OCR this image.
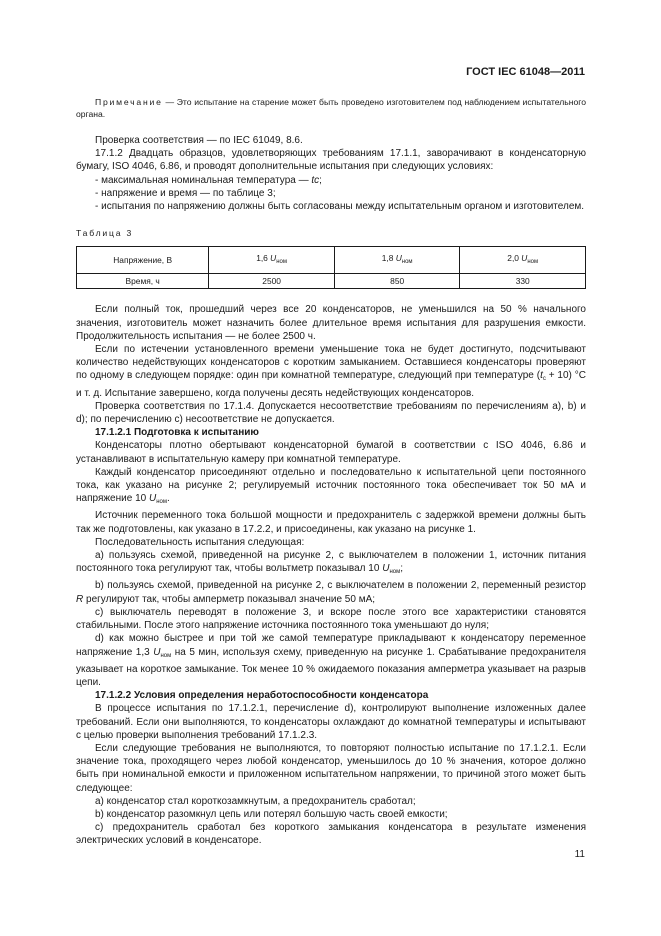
ГОСТ IEC 61048—2011

Примечание — Это испытание на старение может быть проведено изготовителем под наблюдением испытательного органа.

Проверка соответствия — по IEC 61049, 8.6.

17.1.2 Двадцать образцов, удовлетворяющих требованиям 17.1.1, заворачивают в конденсаторную бумагу, ISO 4046, 6.86, и проводят дополнительные испытания при следующих условиях:

- максимальная номинальная температура — tc;

- напряжение и время — по таблице 3;

- испытания по напряжению должны быть согласованы между испытательным органом и изготовителем.

Таблица 3
Напряжение, В	1,6 $U_{ном}$	1,8 $U_{ном}$	2,0 $U_{ном}$
Время, ч	2500	850	330

Если полный ток, прошедший через все 20 конденсаторов, не уменьшился на 50 % начального значения, изготовитель может назначить более длительное время испытания для разрушения емкости. Продолжительность испытания — не более 2500 ч.

Если по истечении установленного времени уменьшение тока не будет достигнуто, подсчитывают количество недействующих конденсаторов с коротким замыканием. Оставшиеся конденсаторы проверяют по одному в следующем порядке: один при комнатной температуре, следующий при температуре $(t_c + 10)$ °C и т. д. Испытание завершено, когда получены десять недействующих конденсаторов.

Проверка соответствия по 17.1.4. Допускается несоответствие требованиям по перечислениям а), b) и d); по перечислению с) несоответствие не допускается.

17.1.2.1 Подготовка к испытанию

Конденсаторы плотно обертывают конденсаторной бумагой в соответствии с ISO 4046, 6.86 и устанавливают в испытательную камеру при комнатной температуре.

Каждый конденсатор присоединяют отдельно и последовательно к испытательной цепи постоянного тока, как указано на рисунке 2; регулируемый источник постоянного тока обеспечивает ток 50 мА и напряжение 10 $U_{ном}$.

Источник переменного тока большой мощности и предохранитель с задержкой времени должны быть так же подготовлены, как указано в 17.2.2, и присоединены, как указано на рисунке 1.

Последовательность испытания следующая:

a) пользуясь схемой, приведенной на рисунке 2, с выключателем в положении 1, источник питания постоянного тока регулируют так, чтобы вольтметр показывал 10 $U_{ном}$;

b) пользуясь схемой, приведенной на рисунке 2, с выключателем в положении 2, переменный резистор R регулируют так, чтобы амперметр показывал значение 50 мА;

c) выключатель переводят в положение 3, и вскоре после этого все характеристики становятся стабильными. После этого напряжение источника постоянного тока уменьшают до нуля;

d) как можно быстрее и при той же самой температуре прикладывают к конденсатору переменное напряжение 1,3 $U_{ном}$ на 5 мин, используя схему, приведенную на рисунке 1. Срабатывание предохранителя указывает на короткое замыкание. Ток менее 10 % ожидаемого показания амперметра указывает на разрыв цепи.

17.1.2.2 Условия определения неработоспособности конденсатора

В процессе испытания по 17.1.2.1, перечисление d), контролируют выполнение изложенных далее требований. Если они выполняются, то конденсаторы охлаждают до комнатной температуры и испытывают с целью проверки выполнения требований 17.1.2.3.

Если следующие требования не выполняются, то повторяют полностью испытание по 17.1.2.1. Если значение тока, проходящего через любой конденсатор, уменьшилось до 10 % значения, которое должно быть при номинальной емкости и приложенном испытательном напряжении, то причиной этого может быть следующее:

a) конденсатор стал короткозамкнутым, а предохранитель сработал;

b) конденсатор разомкнул цепь или потерял большую часть своей емкости;

c) предохранитель сработал без короткого замыкания конденсатора в результате изменения электрических условий в конденсаторе.

11
